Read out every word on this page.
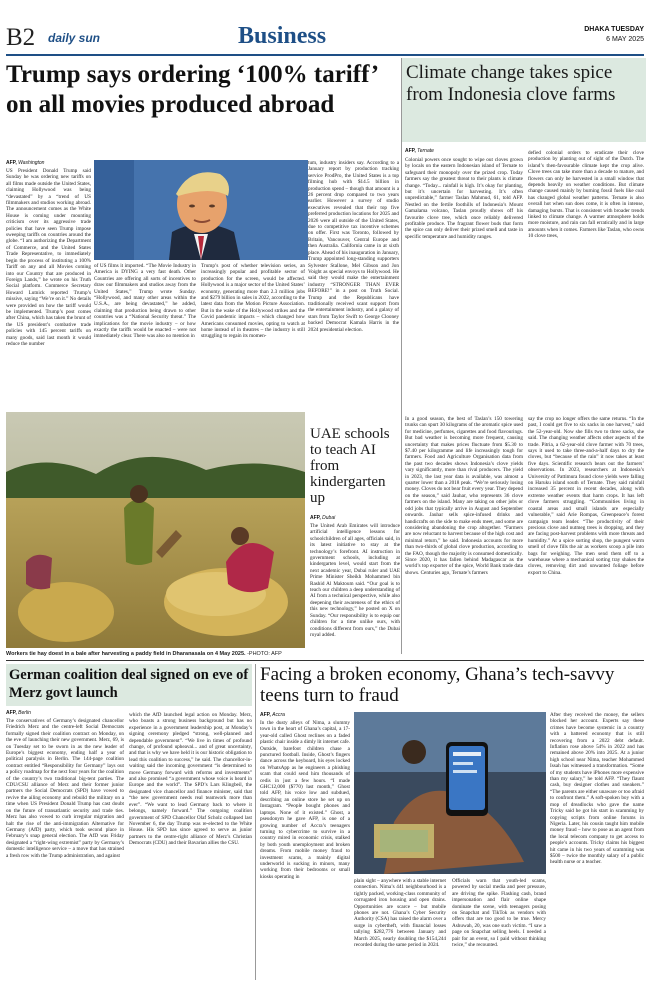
B2 daily sun	Business	DHAKA TUESDAY
6 MAY 2025
Trump says ordering ‘100% tariff’ on all movies produced abroad
AFP, Washington
US President Donald Trump said Sunday he was ordering new tariffs on all films made outside the United States, claiming Hollywood was being “devastated” by a “trend of US filmmakers and studios working abroad. The announcement comes as the White House is coming under mounting criticism over its aggressive trade policies that have seen Trump impose sweeping tariffs on countries around the globe. “I am authorizing the Department of Commerce, and the United States Trade Representative, to immediately begin the process of instituting a 100% Tariff on any and all Movies coming into our Country that are produced in Foreign Lands,” he wrote on his Truth Social platform. Commerce Secretary Howard Lutnick reported Trump’s missive, saying “We’re on it.” No details were provided on how the tariff would be implemented. Trump’s post comes after China, which has taken the brunt of the US president’s combative trade policies with 145 percent tariffs on many goods, said last month it would reduce the number
of US films it imported. “The Movie Industry in America is DYING a very fast death. Other Countries are offering all sorts of incentives to draw our filmmakers and studios away from the United States,” Trump wrote Sunday. “Hollywood, and many other areas within the U.S.A., are being devastated,” he added, claiming that production being drawn to other countries was a “National Security threat.” The implications for the movie industry – or how exactly the tariffs would be enacted – were not immediately clear. There was also no mention in
Trump’s post of whether television series, an increasingly popular and profitable sector of production for the screen, would be affected. Hollywood is a major sector of the United States’ economy, generating more than 2.3 million jobs and $279 billion in sales in 2022, according to the latest data from the Motion Picture Association. But in the wake of the Hollywood strikes and the Covid pandemic impacts – which changed how Americans consumed movies, opting to watch at home instead of in theatres – the industry is still struggling to regain its momen-
tum, industry insiders say. According to a January report by production tracking service ProdPro, the United States is a top filming hub with $14.5 billion in production spend – though that amount is a 26 percent drop compared to two years earlier. However a survey of studio executives revealed that their top five preferred production locations for 2025 and 2026 were all outside of the United States, due to competitive tax incentive schemes on offer. First was Toronto, followed by Britain, Vancouver, Central Europe and then Australia. California came in at sixth place. Ahead of his inauguration in January, Trump appointed long-standing supporters Sylvester Stallone, Mel Gibson and Jon Voight as special envoys to Hollywood. He said they would make the entertainment industry “STRONGER THAN EVER BEFORE!” in a post on Truth Social. Trump and the Republicans have traditionally received scant support from the entertainment industry, and a galaxy of stars from Taylor Swift to George Clooney backed Democrat Kamala Harris in the 2024 presidential election.
Climate change takes spice from Indonesia clove farms
AFP, Ternate
Colonial powers once sought to wipe out cloves grown by locals on the eastern Indonesian island of Ternate to safeguard their monopoly over the prized crop. Today farmers say the greatest threat to their plants is climate change. “Today... rainfall is high. It’s okay for planting, but it’s uncertain for harvesting. It’s often unpredictable,” farmer Taslan Mahmud, 61, told AFP. Nestled on the fertile foothills of Indonesia’s Mount Gamalama volcano, Taslan proudly shows off his favourite clove tree, which once reliably delivered profitable produce. The fragrant flower buds that form the spice can only deliver their prized smell and taste in specific temperature and humidity ranges.
defied colonial orders to eradicate their clove production by planting out of sight of the Dutch. The island’s then-favourable climate kept the crop alive. Clove trees can take more than a decade to mature, and flowers can only be harvested in a small window that depends heavily on weather conditions. But climate change caused mainly by burning fossil fuels like coal has changed global weather patterns. Ternate is also overall hot when sun does come, it is often in intense, damaging bursts. That is consistent with broader trends linked to climate change. A warmer atmosphere holds more moisture, and rain can fall erratically and in large amounts when it comes. Farmers like Taslan, who owns 10 clove trees,
In a good season, the best of Taslan’s 150 towering trunks can spurt 30 kilograms of the aromatic spice used for medicine, perfumes, cigarettes and food flavourings. But bad weather is becoming more frequent, causing uncertainty that makes prices fluctuate from $5.30 to $7.40 per kilogramme and life increasingly tough for farmers. Food and Agriculture Organisation data from the past two decades shows Indonesia’s clove yields vary significantly, more than rival producers. The yield in 2023, the last year data is available, was almost a quarter lower than a 2018 peak. “We’re seriously losing money. Cloves do not bear fruit every year. They depend on the season,” said Jauhar, who represents 36 clove farmers on the island. Many are taking on other jobs or odd jobs that typically arrive in August and September onwards. Jauhar sells spice-infused drinks and handicrafts on the side to make ends meet, and some are considering abandoning the crop altogether. “Farmers are now reluctant to harvest because of the high cost and minimal return,” he said. Indonesia accounts for more than two-thirds of global clove production, according to the FAO, though the majority is consumed domestically. Since 2020, it has fallen behind Madagascar as the world’s top exporter of the spice, World Bank trade data shows. Centuries ago, Ternate’s farmers
say the crop no longer offers the same returns. “In the past, I could get five to six sacks in one harvest,” said the 52-year-old. Now she fills two to three sacks, she said. The changing weather affects other aspects of the trade. Pitria, a 62-year-old clove farmer with 70 trees, says it used to take three-and-a-half days to dry the cloves, but “because of the rain” it now takes at least five days. Scientific research bears out the farmers’ observations. In 2023, researchers at Indonesia’s University of Pattimura found clove yields were falling on Haruku island south of Ternate. They said rainfall increased 35 percent in recent decades, along with extreme weather events that harm crops. It has left clove farmers struggling. “Communities living in coastal areas and small islands are especially vulnerable,” said Arie Rompas, Greenpeace’s forest campaign team leader. “The productivity of their precious clove and nutmeg trees is dropping, and they are facing post-harvest problems with more threats and humidity.” At a spice sorting shop, the pungent warm smell of clove fills the air as workers scoop a pile into bags for weighing. The men send them off to a warehouse where a mechanical sorting tray shakes the cloves, removing dirt and unwanted foliage before export to China.
Workers tie hay doest in a bale after harvesting a paddy field in Dharanasala on 4 May 2025. -PHOTO: AFP
UAE schools to teach AI from kindergarten up
AFP, Dubai
The United Arab Emirates will introduce artificial intelligence lessons for schoolchildren of all ages, officials said, in its latest initiative to stay at the technology’s forefront. AI instruction in government schools, including at kindergarten level, would start from the next academic year, Dubai ruler and UAE Prime Minister Sheikh Mohammed bin Rashid Al Maktoum said. “Our goal is to teach our children a deep understanding of AI from a technical perspective, while also deepening their awareness of the ethics of this new technology,” he posted on X on Sunday. “Our responsibility is to equip our children for a time unlike ours, with conditions different from ours,” the Dubai royal added.
German coalition deal signed on eve of Merz govt launch
AFP, Berlin
The conservatives of Germany’s designated chancellor Friedrich Merz and the centre-left Social Democrats formally signed their coalition contract on Monday, on the eve of launching their new government. Merz, 69, is on Tuesday set to be sworn in as the new leader of Europe’s biggest economy, ending half a year of political paralysis in Berlin. The 144-page coalition contract entitled “Responsibility for Germany” lays out a policy roadmap for the next four years for the coalition of the country’s two traditional big-tent parties. The CDU/CSU alliance of Merz and their former junior partners the Social Democrats (SPD) have vowed to revive the ailing economy and rebuild the military on a time when US President Donald Trump has cast doubt on the future of transatlantic security and trade ties. Merz has also vowed to curb irregular migration and halt the rise of the anti-immigration Alternative for Germany (AfD) party, which took second place in February’s snap general election. The AfD was Friday designated a “right-wing extremist” party by Germany’s domestic intelligence service – a move that has strained a fresh row with the Trump administration, and against
which the AfD launched legal action on Monday. Merz, who boasts a strong business background but has no experience in a government leadership post, at Monday’s signing ceremony pledged “strong, well-planned and dependable government”. “We live in times of profound change, of profound upheaval... and of great uncertainty, and that is why we have held it is our historic obligation to lead this coalition to success,” he said. The chancellor-in-waiting said the incoming government “is determined to move Germany forward with reforms and investments” and also promised “a government whose voice is heard in Europe and the world”. The SPD’s Lars Klingbeil, the designated vice chancellor and finance minister, said that “the new government needs real teamwork more than ever”. “We want to lead Germany back to where it belongs, namely forward.” The outgoing coalition government of SPD Chancellor Olaf Scholz collapsed last November 6, the day Trump was re-elected to the White House. His SPD has since agreed to serve as junior partners to the centre-right alliance of Merz’s Christian Democrats (CDU) and their Bavarian allies the CSU.
Facing a broken economy, Ghana’s tech-savvy teens turn to fraud
AFP, Accra
In the dusty alleys of Nima, a slummy town in the heart of Ghana’s capital, a 17-year-old called Ghost reclines on a faded plastic chair inside a dimly lit internet cafe. Outside, barefoot children chase a punctured football. Inside, Ghost’s fingers dance across the keyboard, his eyes locked on WhatsApp as he engineers a phishing scam that could send him thousands of cedis in just a few hours. “I made GHC12,000 ($770) last month,” Ghost told AFP, his voice low and subdued, describing an online store he set up on Instagram. “People bought phones and laptops. None of it existed.” Ghost, a pseudonym he gave AFP, is one of a growing number of Accra’s teenagers turning to cybercrime to survive in a country mired in economic crisis, stalked by both youth unemployment and broken dreams. From mobile money fraud to investment scams, a mainly digital underworld is sucking in minors, many working from their bedrooms or small kiosks operating in
plain sight – anywhere with a stable internet connection. Nima’s 441 neighbourhood is a tightly packed, working-class community of corrugated iron housing and open drains. Opportunities are scarce – but mobile phones are not. Ghana’s Cyber Security Authority (CSA) has raised the alarm over a surge in cybertheft, with financial losses tallying $282,776 between January and March 2025, nearly doubling the $154,244 recorded during the same period in 2024.
Officials warn that youth-led scams, powered by social media and peer pressure, are driving the spike. Flashing cash, brand impersonation and flair online shape dominate the scene, with teenagers posing on Snapchat and TikTok as vendors with offers that are too good to be true. Mercy Ashuwah, 20, was one such victim. “I saw a page on Snapchat selling heels. I needed a pair for an event, so I paid without thinking twice,” she recounted.
After they received the money, the sellers blocked her account. Experts say these crimes have become systemic in a country with a battered economy that is still recovering from a 2022 debt default. Inflation rose above 54% in 2022 and has remained above 20% into 2025. At a junior high school near Nima, teacher Mohammed Issah has witnessed a transformation. “Some of my students have iPhones more expensive than my salary,” he told AFP. “They flaunt cash, buy designer clothes and sneakers.” “The parents are either unaware or too afraid to confront them.” A soft-spoken boy with a mop of dreadlocks who gave the name Tricky said he got his start in scamming by copying scripts from online forums in Nigeria. Later, his cousin taught him mobile money fraud – how to pose as an agent from the local telecom company to get access to people’s accounts. Tricky claims his biggest hit came in his two years of scamming was $500 – twice the monthly salary of a public health nurse or a teacher.
